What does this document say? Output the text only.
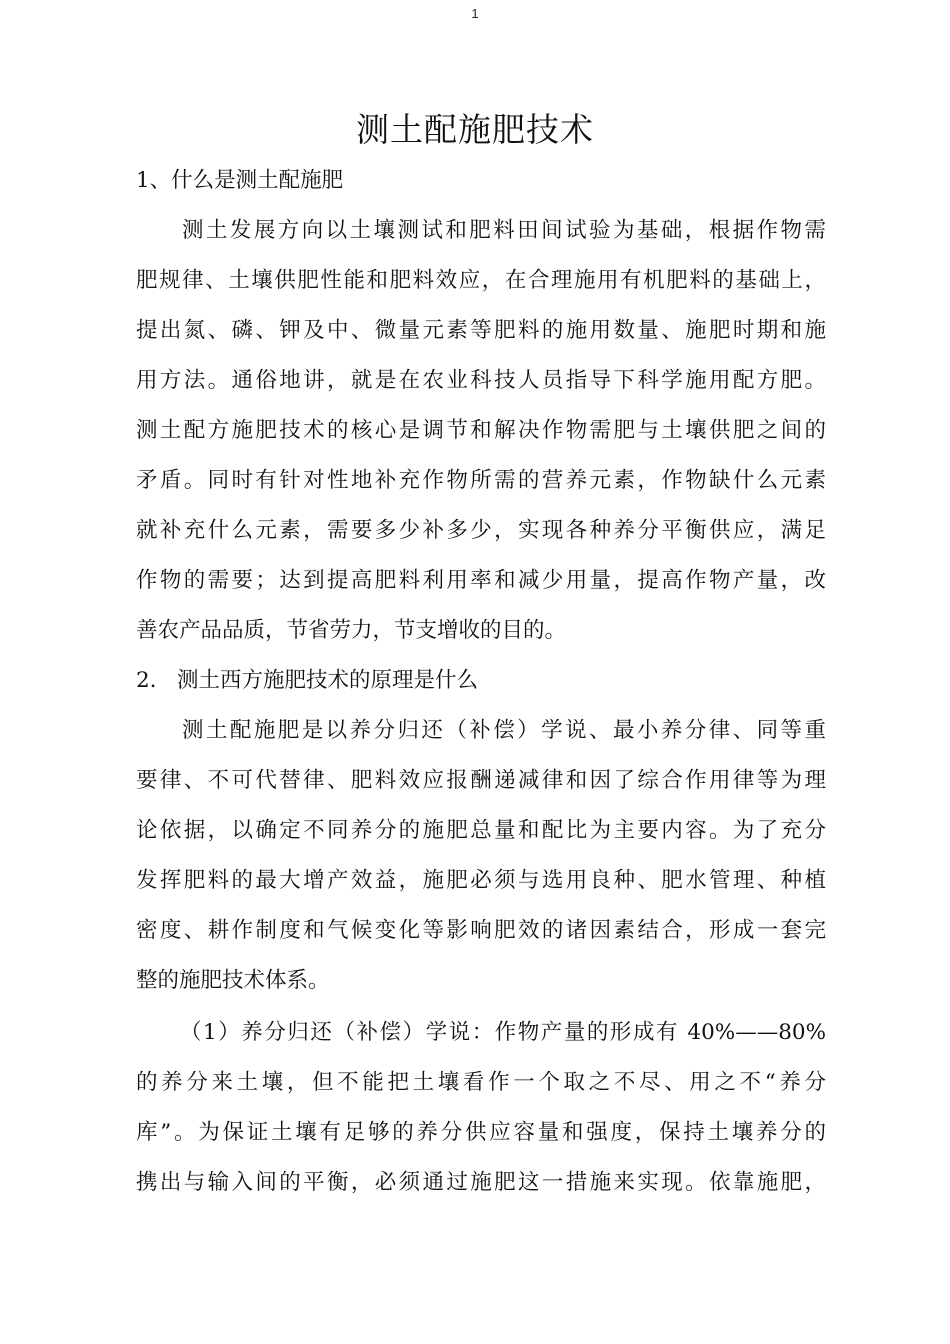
1
测土配施肥技术
1、什么是测土配施肥
测土发展方向以土壤测试和肥料田间试验为基础，根据作物需
肥规律、土壤供肥性能和肥料效应，在合理施用有机肥料的基础上，
提出氮、磷、钾及中、微量元素等肥料的施用数量、施肥时期和施
用方法。通俗地讲，就是在农业科技人员指导下科学施用配方肥。
测土配方施肥技术的核心是调节和解决作物需肥与土壤供肥之间的
矛盾。同时有针对性地补充作物所需的营养元素，作物缺什么元素
就补充什么元素，需要多少补多少，实现各种养分平衡供应，满足
作物的需要；达到提高肥料利用率和减少用量，提高作物产量，改
善农产品品质，节省劳力，节支增收的目的。
2.   测土西方施肥技术的原理是什么
测土配施肥是以养分归还（补偿）学说、最小养分律、同等重
要律、不可代替律、肥料效应报酬递减律和因了综合作用律等为理
论依据，以确定不同养分的施肥总量和配比为主要内容。为了充分
发挥肥料的最大增产效益，施肥必须与选用良种、肥水管理、种植
密度、耕作制度和气候变化等影响肥效的诸因素结合，形成一套完
整的施肥技术体系。
（1）养分归还（补偿）学说：作物产量的形成有 40%——80%
的养分来土壤，但不能把土壤看作一个取之不尽、用之不“养分
库”。为保证土壤有足够的养分供应容量和强度，保持土壤养分的
携出与输入间的平衡，必须通过施肥这一措施来实现。依靠施肥，
